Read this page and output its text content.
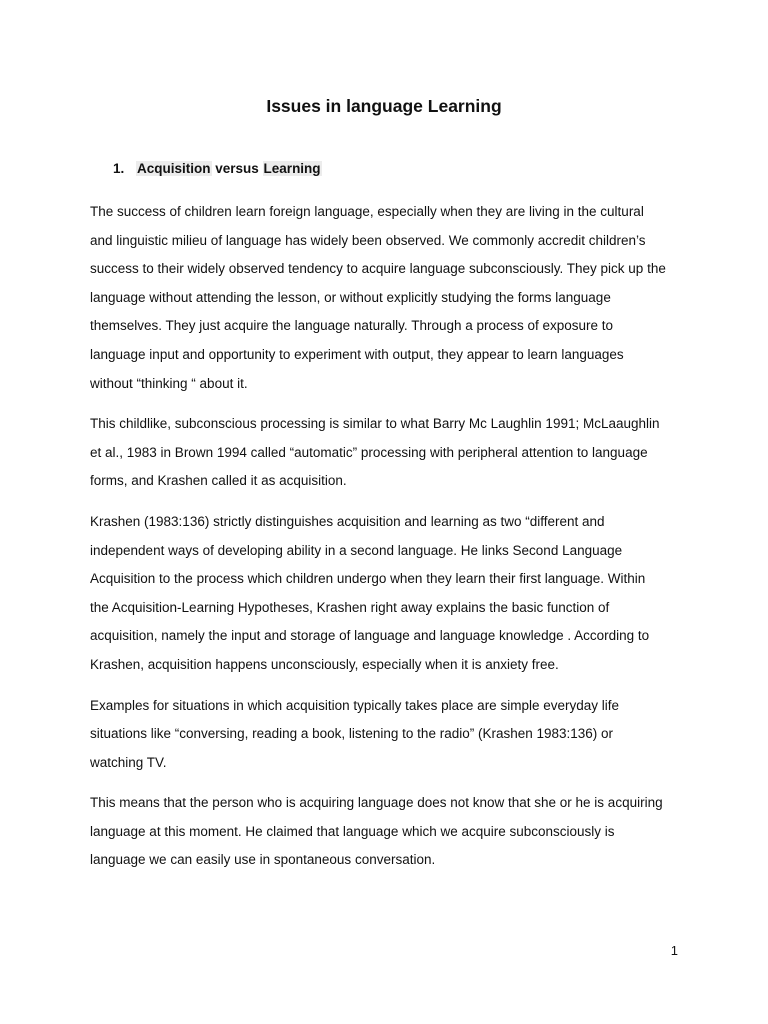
Issues in language Learning
1. Acquisition versus Learning

The success of children learn foreign language, especially when they are living in the cultural
and linguistic milieu of language has widely been observed. We commonly accredit children’s
success to their widely observed tendency to acquire language subconsciously. They pick up the
language without attending the lesson, or without explicitly studying the forms language
themselves. They just acquire the language naturally. Through a process of exposure to
language input and opportunity to experiment with output, they appear to learn languages
without “thinking “ about it.

This childlike, subconscious processing is similar to what Barry Mc Laughlin 1991; McLaaughlin
et al., 1983 in Brown 1994 called “automatic” processing with peripheral attention to language
forms, and Krashen called it as acquisition.

Krashen (1983:136) strictly distinguishes acquisition and learning as two “different and
independent ways of developing ability in a second language. He links Second Language
Acquisition to the process which children undergo when they learn their first language. Within
the Acquisition-Learning Hypotheses, Krashen right away explains the basic function of
acquisition, namely the input and storage of language and language knowledge . According to
Krashen, acquisition happens unconsciously, especially when it is anxiety free.

Examples for situations in which acquisition typically takes place are simple everyday life
situations like “conversing, reading a book, listening to the radio” (Krashen 1983:136) or
watching TV.

This means that the person who is acquiring language does not know that she or he is acquiring
language at this moment. He claimed that language which we acquire subconsciously is
language we can easily use in spontaneous conversation.

1
